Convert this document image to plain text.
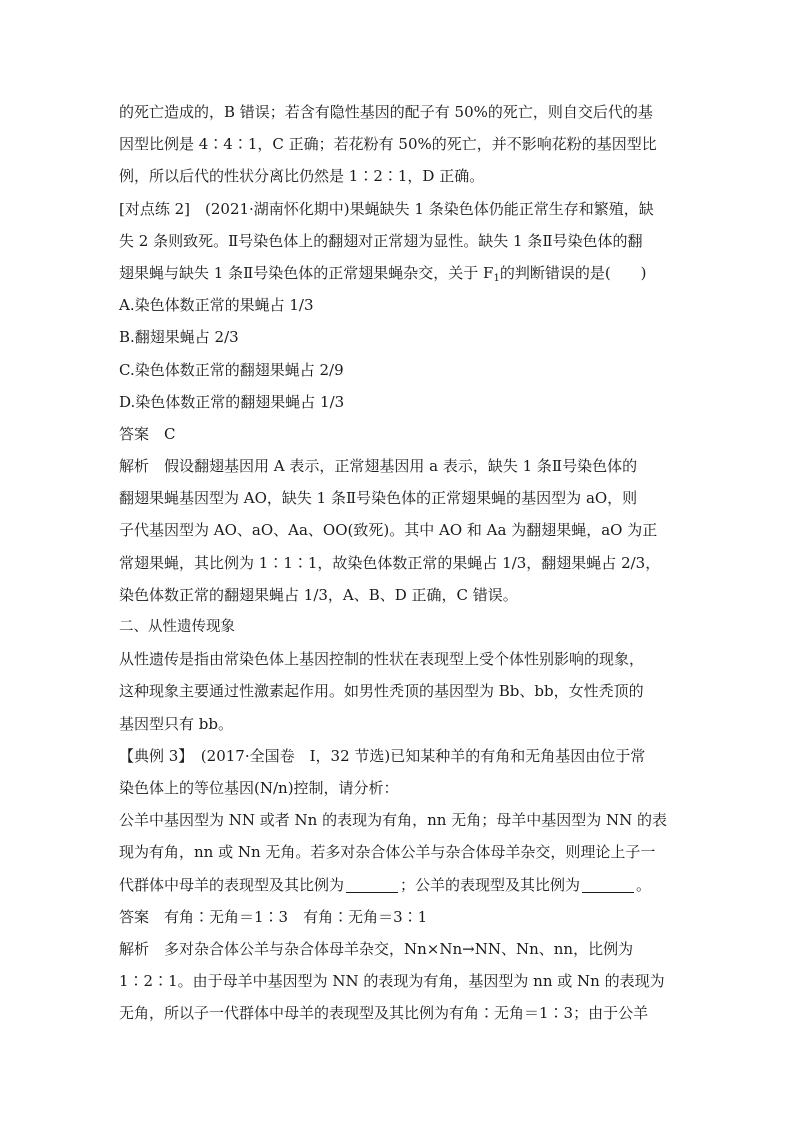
的死亡造成的，B 错误；若含有隐性基因的配子有 50%的死亡，则自交后代的基
因型比例是 4∶4∶1，C 正确；若花粉有 50%的死亡，并不影响花粉的基因型比
例，所以后代的性状分离比仍然是 1∶2∶1，D 正确。
[对点练 2]　(2021·湖南怀化期中)果蝇缺失 1 条染色体仍能正常生存和繁殖，缺
失 2 条则致死。Ⅱ号染色体上的翻翅对正常翅为显性。缺失 1 条Ⅱ号染色体的翻
翅果蝇与缺失 1 条Ⅱ号染色体的正常翅果蝇杂交，关于 $F_1$的判断错误的是(　　)
A.染色体数正常的果蝇占 1/3
B.翻翅果蝇占 2/3
C.染色体数正常的翻翅果蝇占 2/9
D.染色体数正常的翻翅果蝇占 1/3
答案　C
解析　假设翻翅基因用 A 表示，正常翅基因用 a 表示，缺失 1 条Ⅱ号染色体的
翻翅果蝇基因型为 AO，缺失 1 条Ⅱ号染色体的正常翅果蝇的基因型为 aO，则
子代基因型为 AO、aO、Aa、OO(致死)。其中 AO 和 Aa 为翻翅果蝇，aO 为正
常翅果蝇，其比例为 1∶1∶1，故染色体数正常的果蝇占 1/3，翻翅果蝇占 2/3，
染色体数正常的翻翅果蝇占 1/3，A、B、D 正确，C 错误。
二、从性遗传现象
从性遗传是指由常染色体上基因控制的性状在表现型上受个体性别影响的现象，
这种现象主要通过性激素起作用。如男性秃顶的基因型为 Bb、bb，女性秃顶的
基因型只有 bb。
【典例 3】　(2017·全国卷　Ⅰ，32 节选)已知某种羊的有角和无角基因由位于常
染色体上的等位基因(N/n)控制，请分析：
公羊中基因型为 NN 或者 Nn 的表现为有角，nn 无角；母羊中基因型为 NN 的表
现为有角，nn 或 Nn 无角。若多对杂合体公羊与杂合体母羊杂交，则理论上子一
代群体中母羊的表现型及其比例为	；公羊的表现型及其比例为	。
答案　有角∶无角＝1∶3　有角∶无角＝3∶1
解析　多对杂合体公羊与杂合体母羊杂交，Nn×Nn→NN、Nn、nn，比例为
1∶2∶1。由于母羊中基因型为 NN 的表现为有角，基因型为 nn 或 Nn 的表现为
无角，所以子一代群体中母羊的表现型及其比例为有角∶无角＝1∶3；由于公羊
